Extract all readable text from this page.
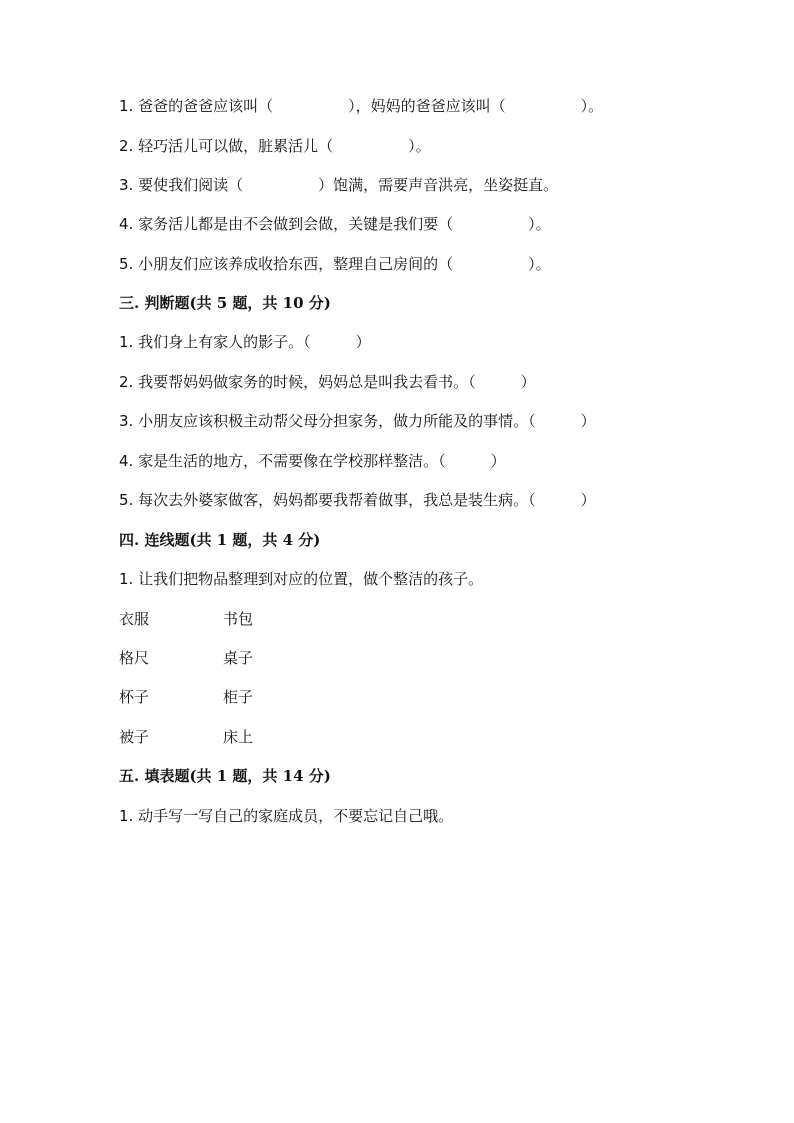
1. 爸爸的爸爸应该叫（　　　　　），妈妈的爸爸应该叫（　　　　　）。
2. 轻巧活儿可以做，脏累活儿（　　　　　）。
3. 要使我们阅读（　　　　　）饱满，需要声音洪亮，坐姿挺直。
4. 家务活儿都是由不会做到会做，关键是我们要（　　　　　）。
5. 小朋友们应该养成收拾东西，整理自己房间的（　　　　　）。
三. 判断题(共 5 题，共 10 分)
1. 我们身上有家人的影子。（　　　）
2. 我要帮妈妈做家务的时候，妈妈总是叫我去看书。（　　　）
3. 小朋友应该积极主动帮父母分担家务，做力所能及的事情。（　　　）
4. 家是生活的地方，不需要像在学校那样整洁。（　　　）
5. 每次去外婆家做客，妈妈都要我帮着做事，我总是装生病。（　　　）
四. 连线题(共 1 题，共 4 分)
1. 让我们把物品整理到对应的位置，做个整洁的孩子。
衣服	书包
格尺	桌子
杯子	柜子
被子	床上
五. 填表题(共 1 题，共 14 分)
1. 动手写一写自己的家庭成员，不要忘记自己哦。
